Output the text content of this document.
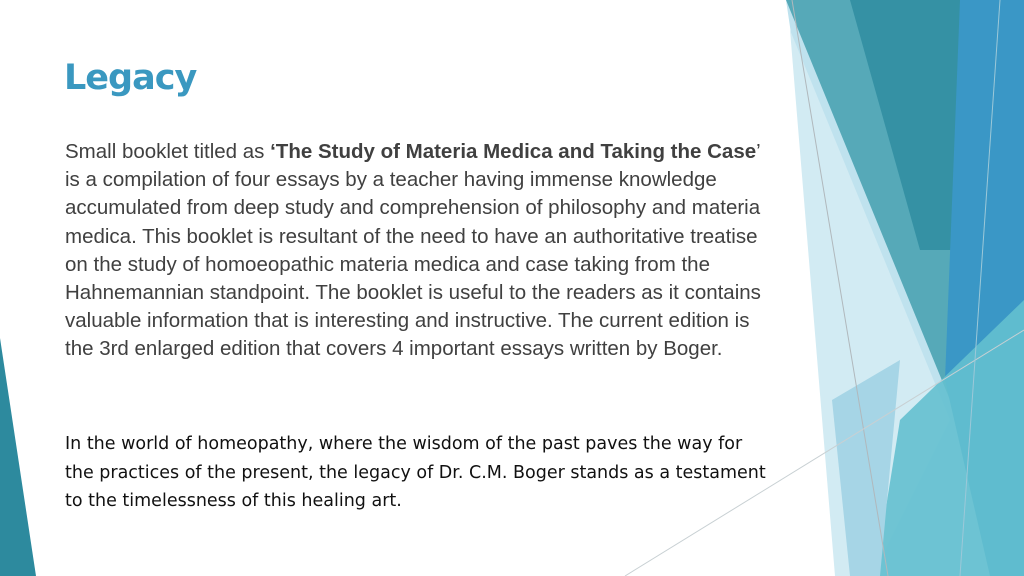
Legacy

Small booklet titled as ‘The Study of Materia Medica and Taking the Case’ is a compilation of four essays by a teacher having immense knowledge accumulated from deep study and comprehension of philosophy and materia medica. This booklet is resultant of the need to have an authoritative treatise on the study of homoeopathic materia medica and case taking from the Hahnemannian standpoint. The booklet is useful to the readers as it contains valuable information that is interesting and instructive. The current edition is the 3rd enlarged edition that covers 4 important essays written by Boger.

In the world of homeopathy, where the wisdom of the past paves the way for the practices of the present, the legacy of Dr. C.M. Boger stands as a testament to the timelessness of this healing art.
